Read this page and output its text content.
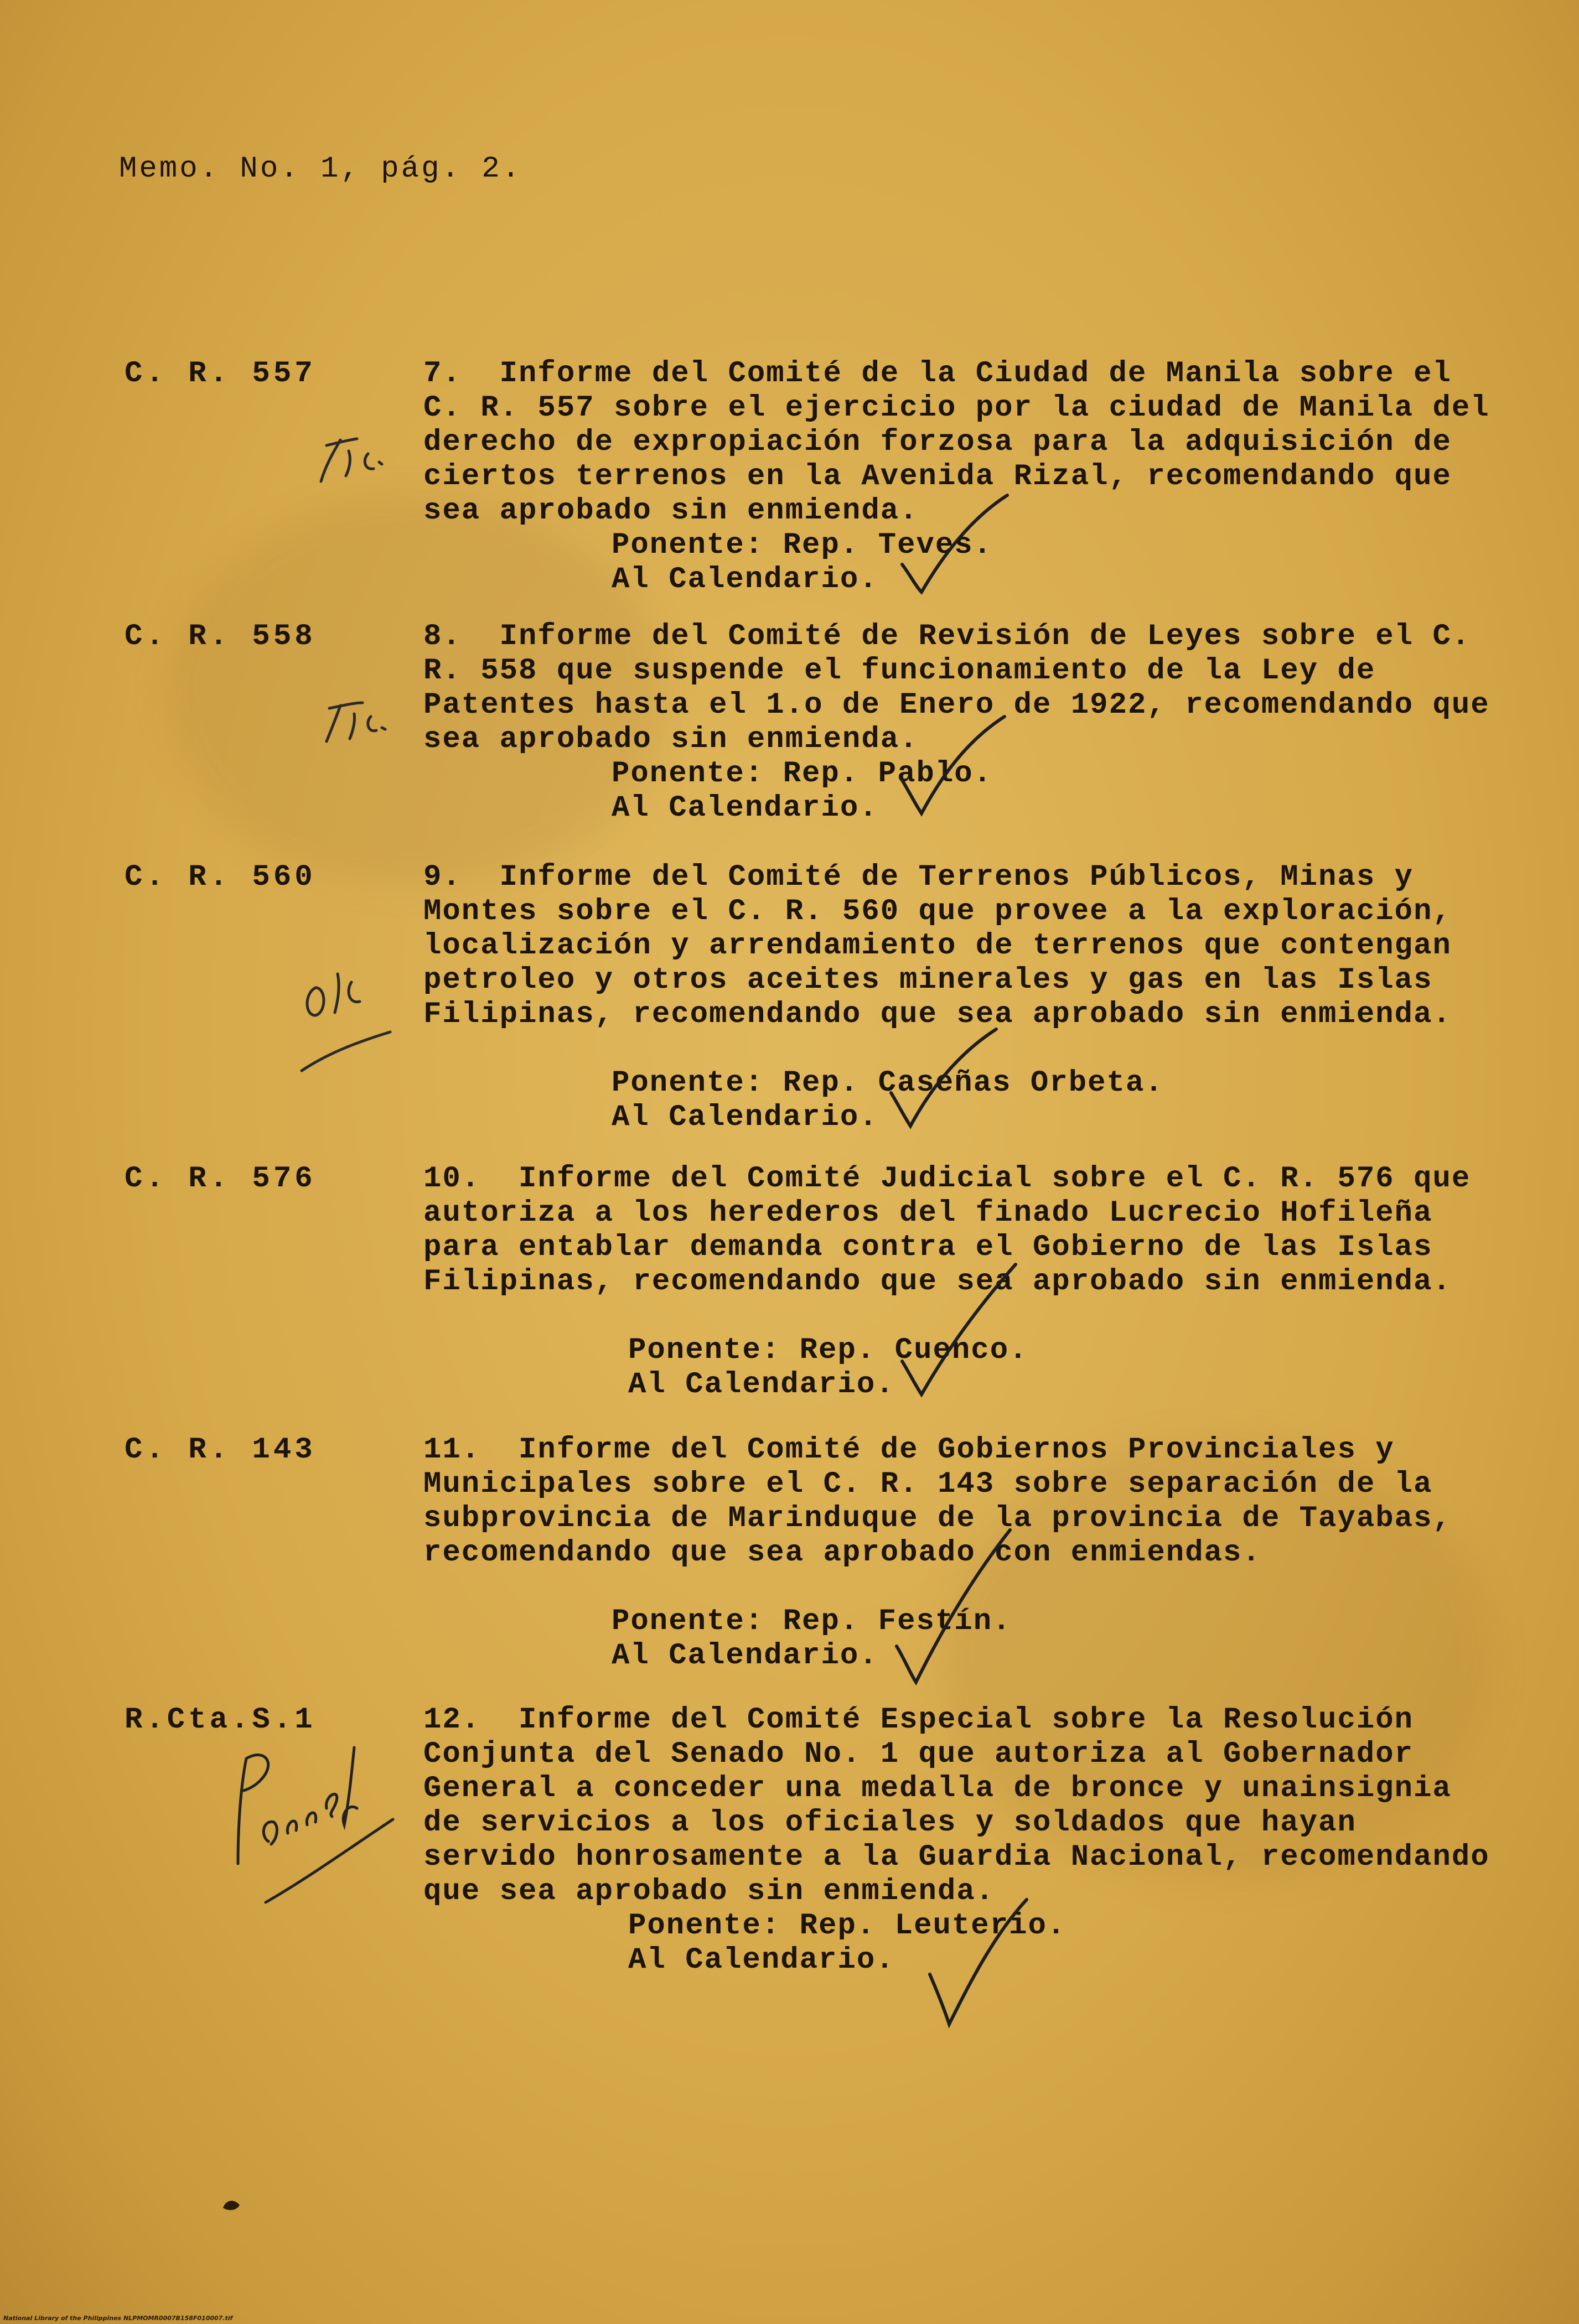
Memo. No. 1, pág. 2.
C. R. 557	7.  Informe del Comité de la Ciudad de Manila sobre el C. R. 557 sobre el ejercicio por la ciudad de Manila del derecho de expropiación forzosa para la adquisición de ciertos terrenos en la Avenida Rizal, recomendando que sea aprobado sin enmienda.

Ponente: Rep. Teves.
Al Calendario.
C. R. 558	8.  Informe del Comité de Revisión de Leyes sobre el C. R. 558 que suspende el funcionamiento de la Ley de Patentes hasta el 1.o de Enero de 1922, recomendando que sea aprobado sin enmienda.

Ponente: Rep. Pablo.
Al Calendario.
C. R. 560	9.  Informe del Comité de Terrenos Públicos, Minas y Montes sobre el C. R. 560 que provee a la exploración, localización y arrendamiento de terrenos que contengan petroleo y otros aceites minerales y gas en las Islas Filipinas, recomendando que sea aprobado sin enmienda.

Ponente: Rep. Caseñas Orbeta.
Al Calendario.
C. R. 576	10.  Informe del Comité Judicial sobre el C. R. 576 que autoriza a los herederos del finado Lucrecio Hofileña para entablar demanda contra el Gobierno de las Islas Filipinas, recomendando que sea aprobado sin enmienda.

Ponente: Rep. Cuenco.
Al Calendario.
C. R. 143	11.  Informe del Comité de Gobiernos Provinciales y Municipales sobre el C. R. 143 sobre separación de la subprovincia de Marinduque de la provincia de Tayabas, recomendando que sea aprobado con enmiendas.

Ponente: Rep. Festín.
Al Calendario.
R.Cta.S.1	12.  Informe del Comité Especial sobre la Resolución Conjunta del Senado No. 1 que autoriza al Gobernador General a conceder una medalla de bronce y unainsignia de servicios a los oficiales y soldados que hayan servido honrosamente a la Guardia Nacional, recomendando que sea aprobado sin enmienda.

Ponente: Rep. Leuterio.
Al Calendario.
National Library of the Philippines NLPMOMR0007B158F010007.tif
